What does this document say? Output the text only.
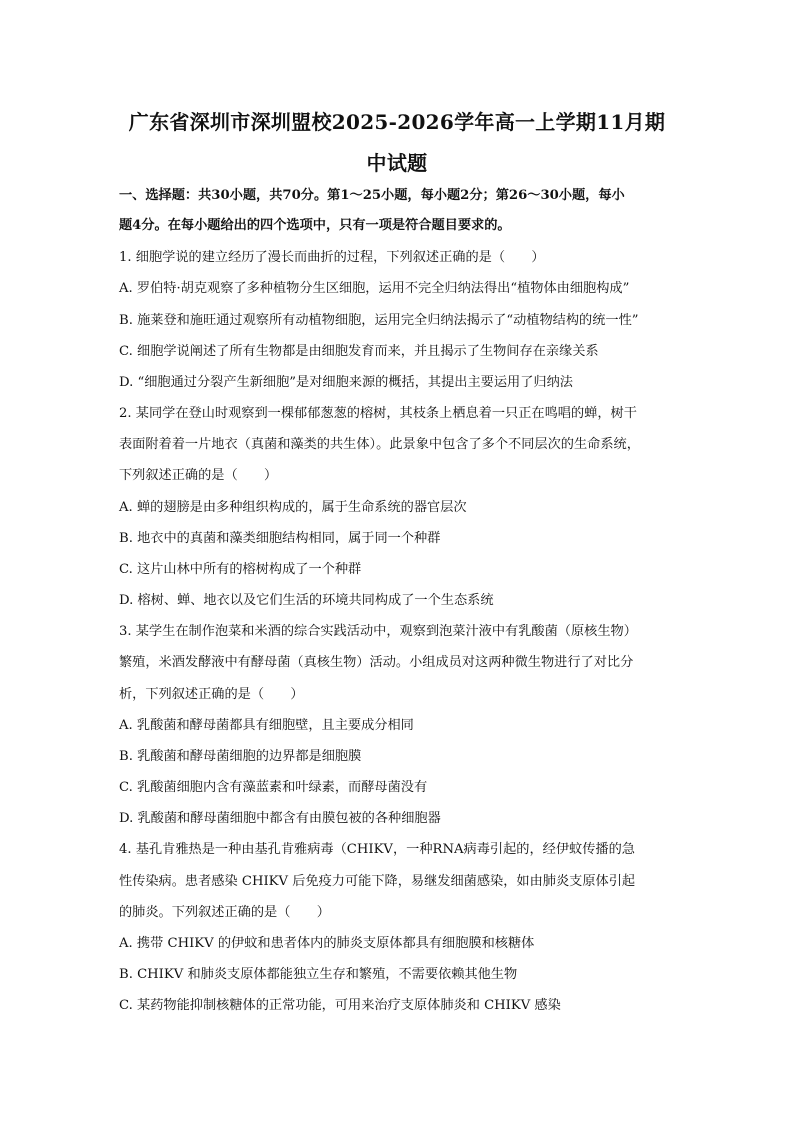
广东省深圳市深圳盟校2025-2026学年高一上学期11月期
中试题
一、选择题：共30小题，共70分。第1～25小题，每小题2分；第26～30小题，每小
题4分。在每小题给出的四个选项中，只有一项是符合题目要求的。
1. 细胞学说的建立经历了漫长而曲折的过程，下列叙述正确的是（　　）
A. 罗伯特·胡克观察了多种植物分生区细胞，运用不完全归纳法得出“植物体由细胞构成”
B. 施莱登和施旺通过观察所有动植物细胞，运用完全归纳法揭示了“动植物结构的统一性”
C. 细胞学说阐述了所有生物都是由细胞发育而来，并且揭示了生物间存在亲缘关系
D. “细胞通过分裂产生新细胞”是对细胞来源的概括，其提出主要运用了归纳法
2. 某同学在登山时观察到一棵郁郁葱葱的榕树，其枝条上栖息着一只正在鸣唱的蝉，树干
表面附着着一片地衣（真菌和藻类的共生体）。此景象中包含了多个不同层次的生命系统，
下列叙述正确的是（　　）
A. 蝉的翅膀是由多种组织构成的，属于生命系统的器官层次
B. 地衣中的真菌和藻类细胞结构相同，属于同一个种群
C. 这片山林中所有的榕树构成了一个种群
D. 榕树、蝉、地衣以及它们生活的环境共同构成了一个生态系统
3. 某学生在制作泡菜和米酒的综合实践活动中，观察到泡菜汁液中有乳酸菌（原核生物）
繁殖，米酒发酵液中有酵母菌（真核生物）活动。小组成员对这两种微生物进行了对比分
析，下列叙述正确的是（　　）
A. 乳酸菌和酵母菌都具有细胞壁，且主要成分相同
B. 乳酸菌和酵母菌细胞的边界都是细胞膜
C. 乳酸菌细胞内含有藻蓝素和叶绿素，而酵母菌没有
D. 乳酸菌和酵母菌细胞中都含有由膜包被的各种细胞器
4. 基孔肯雅热是一种由基孔肯雅病毒（CHIKV，一种RNA病毒引起的，经伊蚊传播的急
性传染病。患者感染 CHIKV 后免疫力可能下降，易继发细菌感染，如由肺炎支原体引起
的肺炎。下列叙述正确的是（　　）
A. 携带 CHIKV 的伊蚊和患者体内的肺炎支原体都具有细胞膜和核糖体
B. CHIKV 和肺炎支原体都能独立生存和繁殖，不需要依赖其他生物
C. 某药物能抑制核糖体的正常功能，可用来治疗支原体肺炎和 CHIKV 感染
